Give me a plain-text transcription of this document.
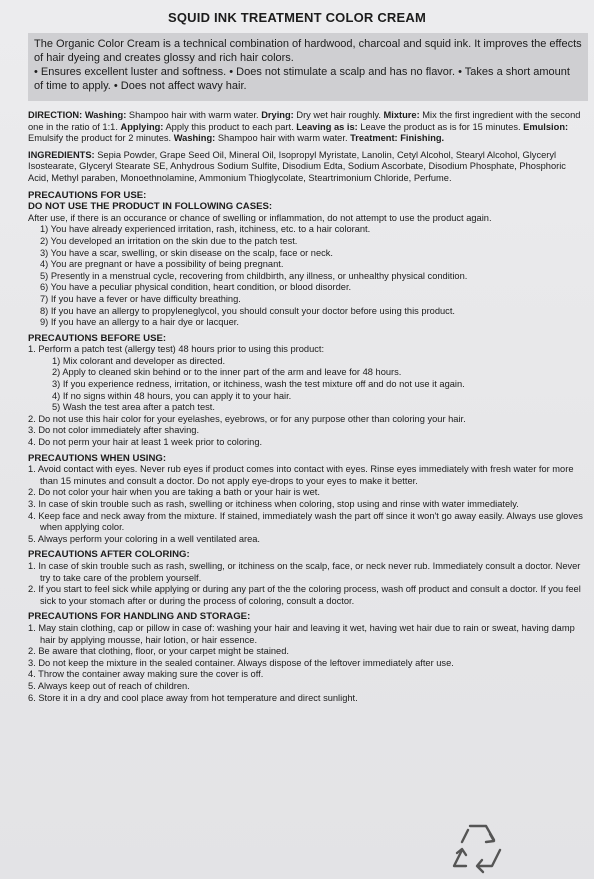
SQUID INK TREATMENT COLOR CREAM

The Organic Color Cream is a technical combination of hardwood, charcoal and squid ink. It improves the effects of hair dyeing and creates glossy and rich hair colors.

• Ensures excellent luster and softness. • Does not stimulate a scalp and has no flavor. • Takes a short amount of time to apply. • Does not affect wavy hair.

DIRECTION: Washing: Shampoo hair with warm water. Drying: Dry wet hair roughly. Mixture: Mix the first ingredient with the second one in the ratio of 1:1. Applying: Apply this product to each part. Leaving as is: Leave the product as is for 15 minutes. Emulsion: Emulsify the product for 2 minutes. Washing: Shampoo hair with warm water. Treatment: Finishing.

INGREDIENTS: Sepia Powder, Grape Seed Oil, Mineral Oil, Isopropyl Myristate, Lanolin, Cetyl Alcohol, Stearyl Alcohol, Glyceryl Isostearate, Glyceryl Stearate SE, Anhydrous Sodium Sulfite, Disodium Edta, Sodium Ascorbate, Disodium Phosphate, Phosphoric Acid, Methyl paraben, Monoethnolamine, Ammonium Thioglycolate, Steartrimonium Chloride, Perfume.

PRECAUTIONS FOR USE:

DO NOT USE THE PRODUCT IN FOLLOWING CASES:

After use, if there is an occurance or chance of swelling or inflammation, do not attempt to use the product again.

1) You have already experienced irritation, rash, itchiness, etc. to a hair colorant.
2) You developed an irritation on the skin due to the patch test.
3) You have a scar, swelling, or skin disease on the scalp, face or neck.
4) You are pregnant or have a possibility of being pregnant.
5) Presently in a menstrual cycle, recovering from childbirth, any illness, or unhealthy physical condition.
6) You have a peculiar physical condition, heart condition, or blood disorder.
7) If you have a fever or have difficulty breathing.
8) If you have an allergy to propyleneglycol, you should consult your doctor before using this product.
9) If you have an allergy to a hair dye or lacquer.

PRECAUTIONS BEFORE USE:

1. Perform a patch test (allergy test) 48 hours prior to using this product:
1) Mix colorant and developer as directed.
2) Apply to cleaned skin behind or to the inner part of the arm and leave for 48 hours.
3) If you experience redness, irritation, or itchiness, wash the test mixture off and do not use it again.
4) If no signs within 48 hours, you can apply it to your hair.
5) Wash the test area after a patch test.
2. Do not use this hair color for your eyelashes, eyebrows, or for any purpose other than coloring your hair.
3. Do not color immediately after shaving.
4. Do not perm your hair at least 1 week prior to coloring.

PRECAUTIONS WHEN USING:

1. Avoid contact with eyes. Never rub eyes if product comes into contact with eyes. Rinse eyes immediately with fresh water for more than 15 minutes and consult a doctor. Do not apply eye-drops to your eyes to make it better.
2. Do not color your hair when you are taking a bath or your hair is wet.
3. In case of skin trouble such as rash, swelling or itchiness when coloring, stop using and rinse with water immediately.
4. Keep face and neck away from the mixture. If stained, immediately wash the part off since it won't go away easily. Always use gloves when applying color.
5. Always perform your coloring in a well ventilated area.

PRECAUTIONS AFTER COLORING:

1. In case of skin trouble such as rash, swelling, or itchiness on the scalp, face, or neck never rub. Immediately consult a doctor. Never try to take care of the problem yourself.
2. If you start to feel sick while applying or during any part of the the coloring process, wash off product and consult a doctor. If you feel sick to your stomach after or during the process of coloring, consult a doctor.

PRECAUTIONS FOR HANDLING AND STORAGE:

1. May stain clothing, cap or pillow in case of: washing your hair and leaving it wet, having wet hair due to rain or sweat, having damp hair by applying mousse, hair lotion, or hair essence.
2. Be aware that clothing, floor, or your carpet might be stained.
3. Do not keep the mixture in the sealed container. Always dispose of the leftover immediately after use.
4. Throw the container away making sure the cover is off.
5. Always keep out of reach of children.
6. Store it in a dry and cool place away from hot temperature and direct sunlight.
